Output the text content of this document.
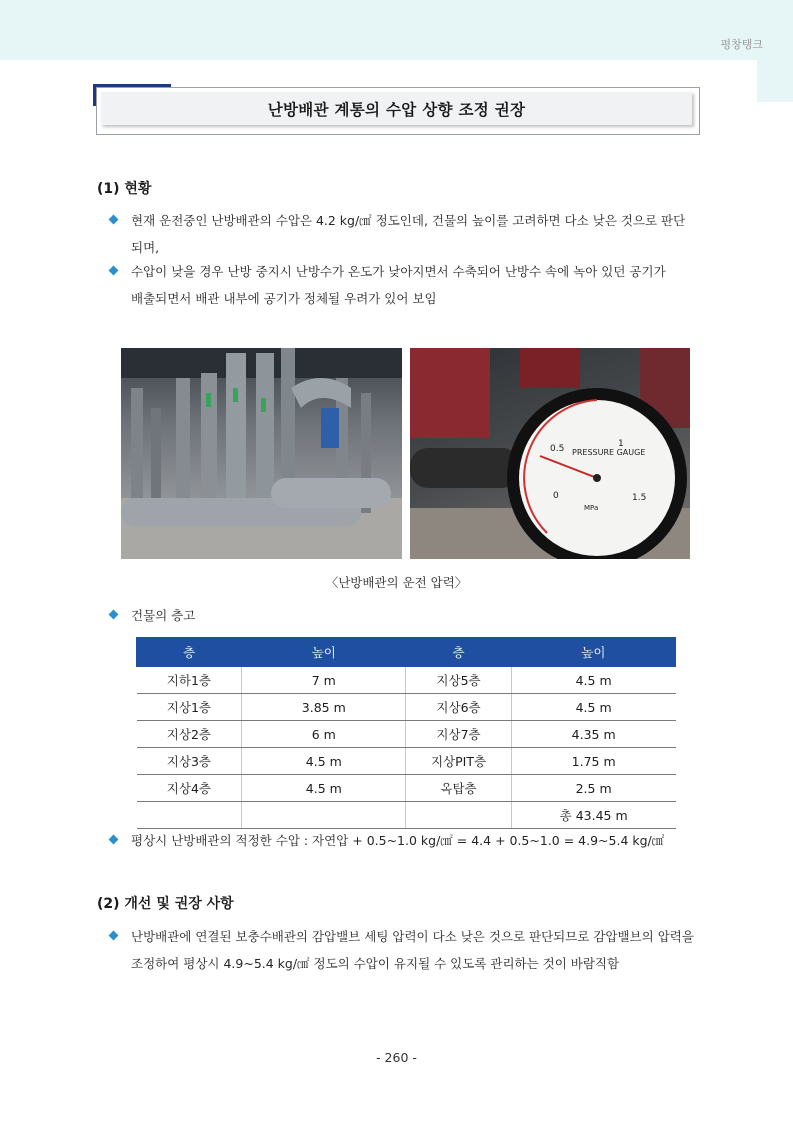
평창탱크
난방배관 계통의 수압 상향 조정 권장
(1) 현황
현재 운전중인 난방배관의 수압은 4.2 kg/㎠ 정도인데, 건물의 높이를 고려하면 다소 낮은 것으로 판단
되며,
수압이 낮을 경우 난방 중지시 난방수가 온도가 낮아지면서 수축되어 난방수 속에 녹아 있던 공기가
배출되면서 배관 내부에 공기가 정체될 우려가 있어 보임
PRESSURE GAUGE
0
0.5	1
1.5
MPa
〈난방배관의 운전 압력〉
건물의 층고
층	높이	층	높이
지하1층	7 m	지상5층	4.5 m
지상1층	3.85 m	지상6층	4.5 m
지상2층	6 m	지상7층	4.35 m
지상3층	4.5 m	지상PIT층	1.75 m
지상4층	4.5 m	옥탑층	2.5 m
			총 43.45 m
평상시 난방배관의 적정한 수압 : 자연압 + 0.5~1.0 kg/㎠ = 4.4 + 0.5~1.0 = 4.9~5.4 kg/㎠
(2) 개선 및 권장 사항
난방배관에 연결된 보충수배관의 감압밸브 세팅 압력이 다소 낮은 것으로 판단되므로 감압밸브의 압력을
조정하여 평상시 4.9~5.4 kg/㎠ 정도의 수압이 유지될 수 있도록 관리하는 것이 바람직함
- 260 -
